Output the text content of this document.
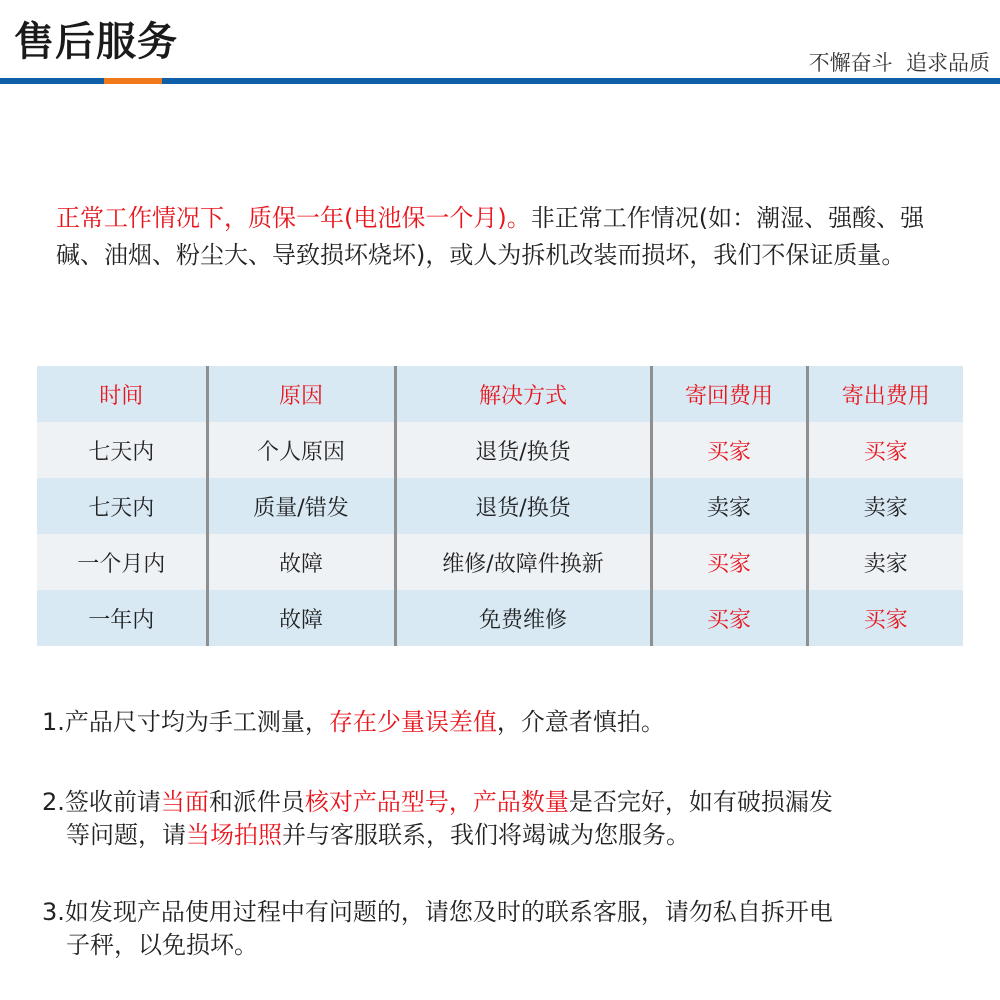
售后服务	不懈奋斗  追求品质
正常工作情况下，质保一年(电池保一个月)。非正常工作情况(如：潮湿、强酸、强碱、油烟、粉尘大、导致损坏烧坏)，或人为拆机改装而损坏，我们不保证质量。
时间	原因	解决方式	寄回费用	寄出费用
七天内	个人原因	退货/换货	买家	买家
七天内	质量/错发	退货/换货	卖家	卖家
一个月内	故障	维修/故障件换新	买家	卖家
一年内	故障	免费维修	买家	买家
1.产品尺寸均为手工测量，存在少量误差值，介意者慎拍。
2.签收前请当面和派件员核对产品型号，产品数量是否完好，如有破损漏发
等问题，请当场拍照并与客服联系，我们将竭诚为您服务。
3.如发现产品使用过程中有问题的，请您及时的联系客服，请勿私自拆开电
子秤，以免损坏。
